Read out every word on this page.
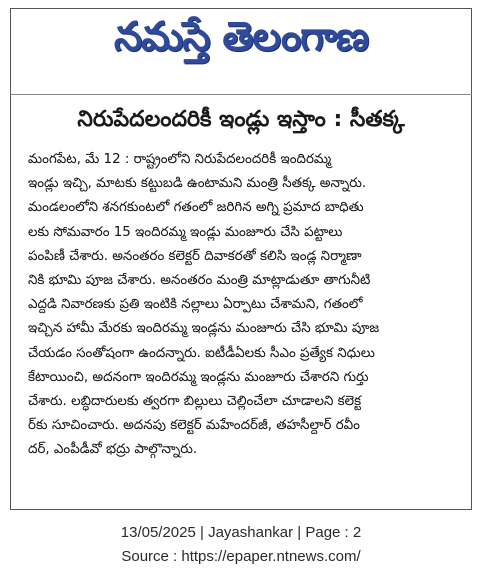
నమస్తే తెలంగాణ
నిరుపేదలందరికీ ఇండ్లు ఇస్తాం : సీతక్క
మంగపేట, మే 12 : రాష్ట్రంలోని నిరుపేదలందరికీ ఇందిరమ్మ
ఇండ్లు ఇచ్చి, మాటకు కట్టుబడి ఉంటామని మంత్రి సీతక్క అన్నారు.
మండలంలోని శనగకుంటలో గతంలో జరిగిన అగ్ని ప్రమాద బాధితు
లకు సోమవారం 15 ఇందిరమ్మ ఇండ్లు మంజూరు చేసి పట్టాలు
పంపిణీ చేశారు. అనంతరం కలెక్టర్ దివాకరతో కలిసి ఇండ్ల నిర్మాణా
నికి భూమి పూజ చేశారు. అనంతరం మంత్రి మాట్లాడుతూ తాగునీటి
ఎద్దడి నివారణకు ప్రతి ఇంటికి నల్లాలు ఏర్పాటు చేశామని, గతంలో
ఇచ్చిన హామీ మేరకు ఇందిరమ్మ ఇండ్లను మంజూరు చేసి భూమి పూజ
చేయడం సంతోషంగా ఉందన్నారు. ఐటీడీఏలకు సీఎం ప్రత్యేక నిధులు
కేటాయించి, అదనంగా ఇందిరమ్మ ఇండ్లను మంజూరు చేశారని గుర్తు
చేశారు. లబ్ధిదారులకు త్వరగా బిల్లులు చెల్లించేలా చూడాలని కలెక్ట
ర్‌కు సూచించారు. అదనపు కలెక్టర్ మహేందర్‌జీ, తహసీల్దార్ రవీం
దర్, ఎంపీడీవో భద్రు పాల్గొన్నారు.
13/05/2025 | Jayashankar | Page : 2
Source : https://epaper.ntnews.com/
